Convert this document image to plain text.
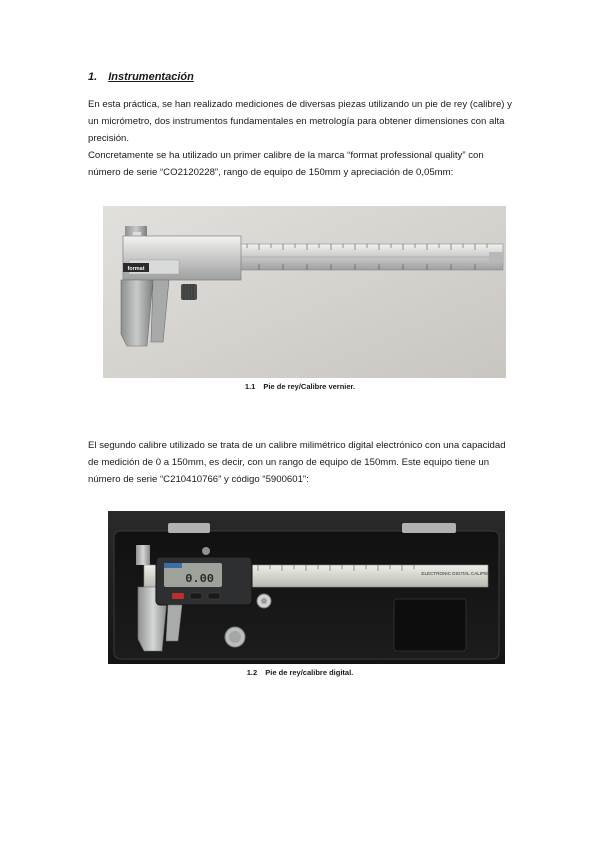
1. Instrumentación

En esta práctica, se han realizado mediciones de diversas piezas utilizando un pie de rey (calibre) y un micrómetro, dos instrumentos fundamentales en metrología para obtener dimensiones con alta precisión.

Concretamente se ha utilizado un primer calibre de la marca “format professional quality” con número de serie “CO2120228”, rango de equipo de 150mm y apreciación de 0,05mm:

format
1.1 Pie de rey/Calibre vernier.

El segundo calibre utilizado se trata de un calibre milimétrico digital electrónico con una capacidad de medición de 0 a 150mm, es decir, con un rango de equipo de 150mm. Este equipo tiene un número de serie “C210410766” y código “5900601”:

ELECTRONIC DIGITAL CALIPER
0.00
1.2 Pie de rey/calibre digital.
